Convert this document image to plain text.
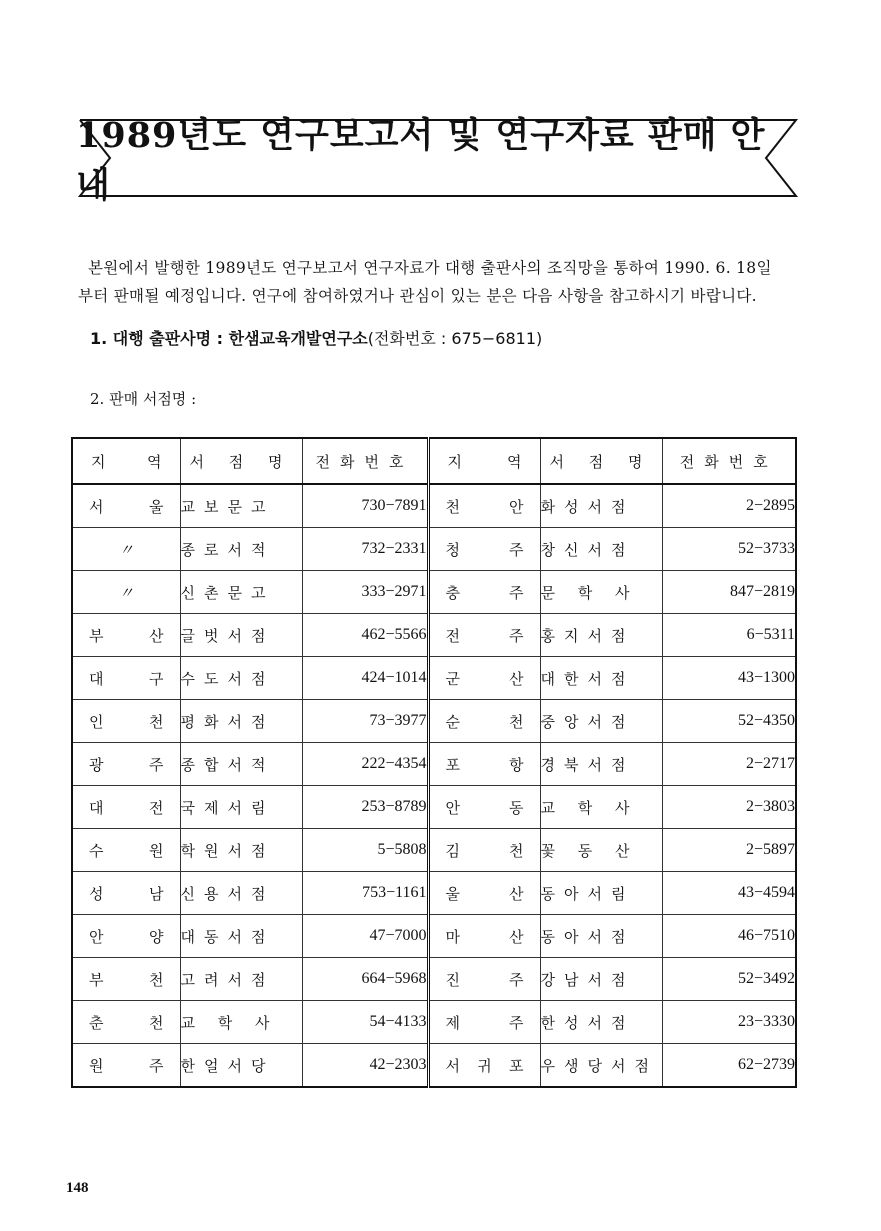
1989년도 연구보고서 및 연구자료 판매 안내

본원에서 발행한 1989년도 연구보고서 연구자료가 대행 출판사의 조직망을 통하여 1990. 6. 18일

부터 판매될 예정입니다. 연구에 참여하였거나 관심이 있는 분은 다음 사항을 참고하시기 바랍니다.
1. 대행 출판사명 : 한샘교육개발연구소(전화번호 : 675−6811)
2. 판매 서점명 :
지 역	서 점 명	전화번호	지 역	서 점 명	전화번호

서 울	교보문고	730−7891	천 안	화성서점	2−2895

〃	종로서적	732−2331	청 주	창신서점	52−3733

〃	신촌문고	333−2971	충 주	문 학 사	847−2819

부 산	글벗서점	462−5566	전 주	홍지서점	6−5311

대 구	수도서점	424−1014	군 산	대한서점	43−1300

인 천	평화서점	73−3977	순 천	중앙서점	52−4350

광 주	종합서적	222−4354	포 항	경북서점	2−2717

대 전	국제서림	253−8789	안 동	교 학 사	2−3803

수 원	학원서점	5−5808	김 천	꽃 동 산	2−5897

성 남	신용서점	753−1161	울 산	동아서림	43−4594

안 양	대동서점	47−7000	마 산	동아서점	46−7510

부 천	고려서점	664−5968	진 주	강남서점	52−3492

춘 천	교 학 사	54−4133	제 주	한성서점	23−3330

원 주	한얼서당	42−2303	서 귀 포	우생당서점	62−2739
148
